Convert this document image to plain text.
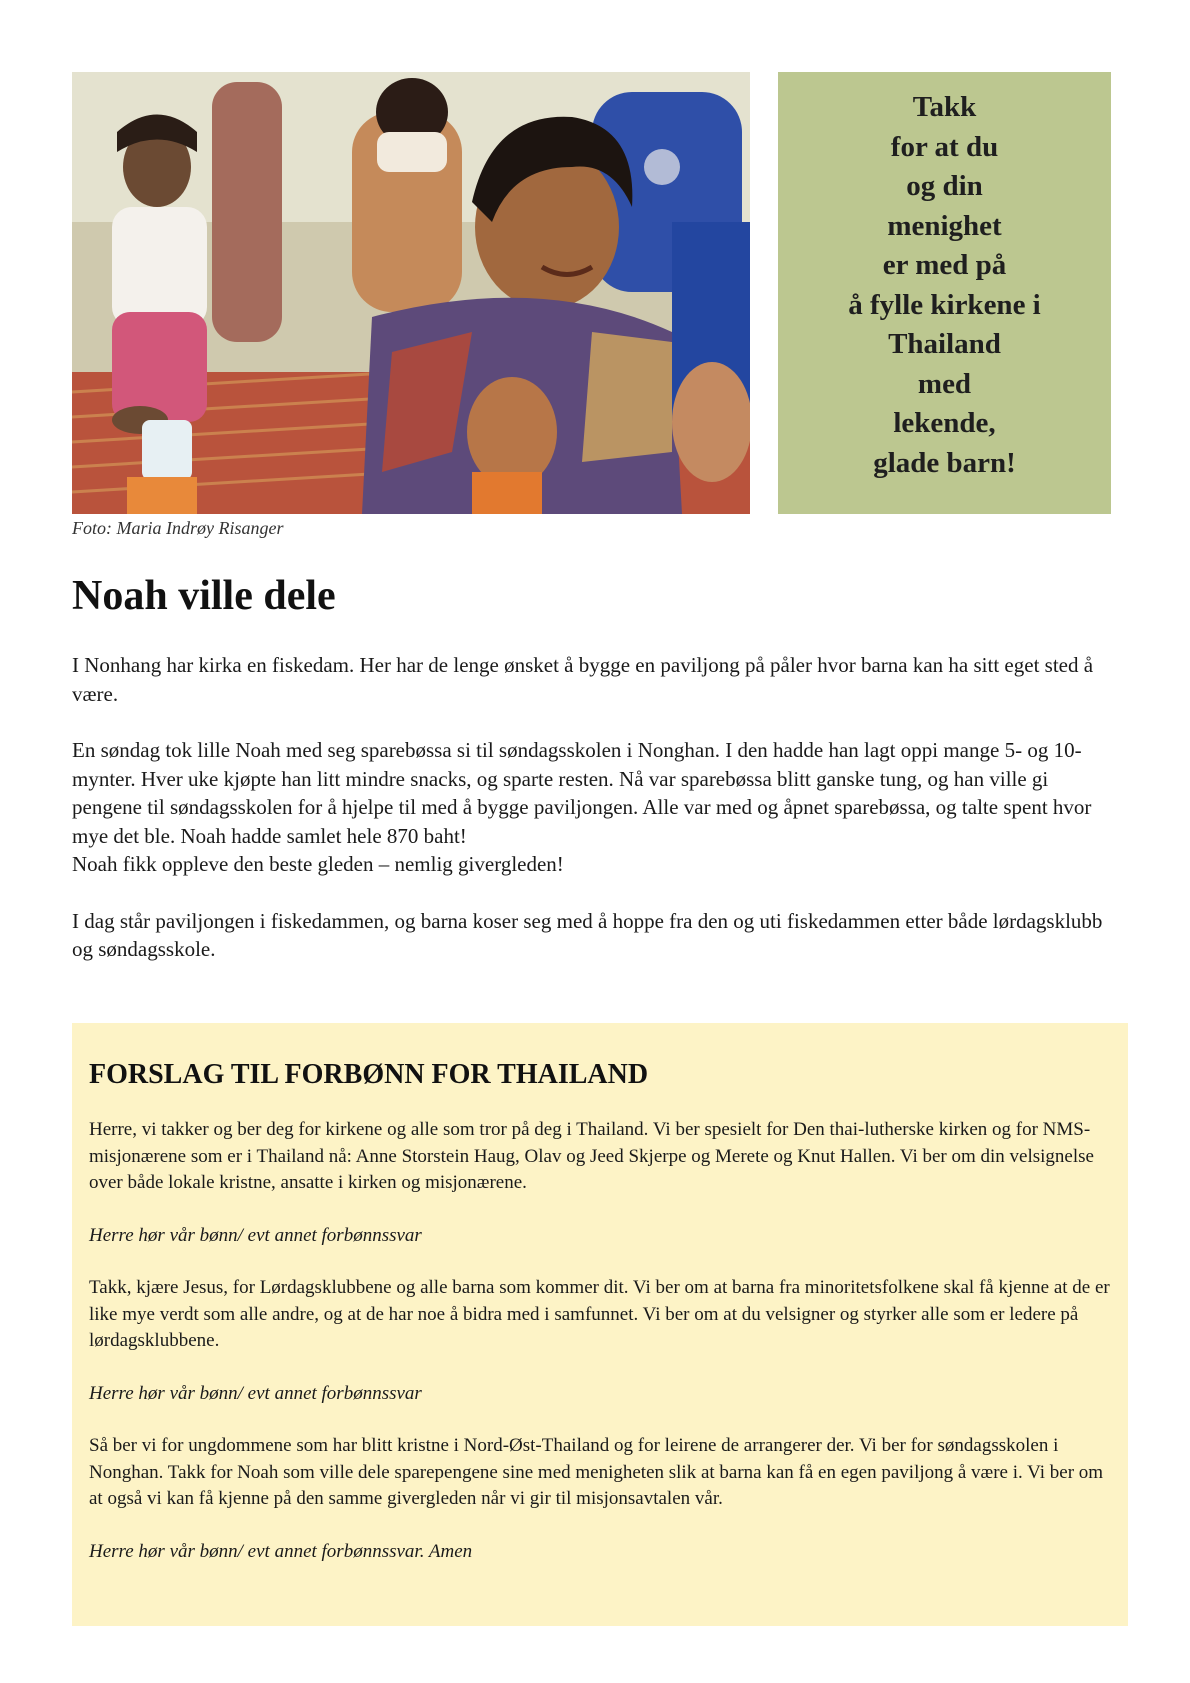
Foto: Maria Indrøy Risanger
Takk
for at du
og din
menighet
er med på
å fylle kirkene i
Thailand
med
lekende,
glade barn!
Noah ville dele

I Nonhang har kirka en fiskedam. Her har de lenge ønsket å bygge en paviljong på påler hvor barna kan ha sitt eget sted å være.

En søndag tok lille Noah med seg sparebøssa si til søndagsskolen i Nonghan. I den hadde han lagt oppi mange 5- og 10-mynter. Hver uke kjøpte han litt mindre snacks, og sparte resten. Nå var sparebøssa blitt ganske tung, og han ville gi pengene til søndagsskolen for å hjelpe til med å bygge paviljongen. Alle var med og åpnet sparebøssa, og talte spent hvor mye det ble. Noah hadde samlet hele 870 baht!
Noah fikk oppleve den beste gleden – nemlig givergleden!

I dag står paviljongen i fiskedammen, og barna koser seg med å hoppe fra den og uti fiskedammen etter både lørdagsklubb og søndagsskole.

FORSLAG TIL FORBØNN FOR THAILAND

Herre, vi takker og ber deg for kirkene og alle som tror på deg i Thailand. Vi ber spesielt for Den thai-lutherske kirken og for NMS-misjonærene som er i Thailand nå: Anne Storstein Haug, Olav og Jeed Skjerpe og Merete og Knut Hallen. Vi ber om din velsignelse over både lokale kristne, ansatte i kirken og misjonærene.

Herre hør vår bønn/ evt annet forbønnssvar

Takk, kjære Jesus, for Lørdagsklubbene og alle barna som kommer dit. Vi ber om at barna fra minoritetsfolkene skal få kjenne at de er like mye verdt som alle andre, og at de har noe å bidra med i samfunnet. Vi ber om at du velsigner og styrker alle som er ledere på lørdagsklubbene.

Herre hør vår bønn/ evt annet forbønnssvar

Så ber vi for ungdommene som har blitt kristne i Nord-Øst-Thailand og for leirene de arrangerer der. Vi ber for søndagsskolen i Nonghan. Takk for Noah som ville dele sparepengene sine med menigheten slik at barna kan få en egen paviljong å være i. Vi ber om at også vi kan få kjenne på den samme givergleden når vi gir til misjonsavtalen vår.

Herre hør vår bønn/ evt annet forbønnssvar. Amen
